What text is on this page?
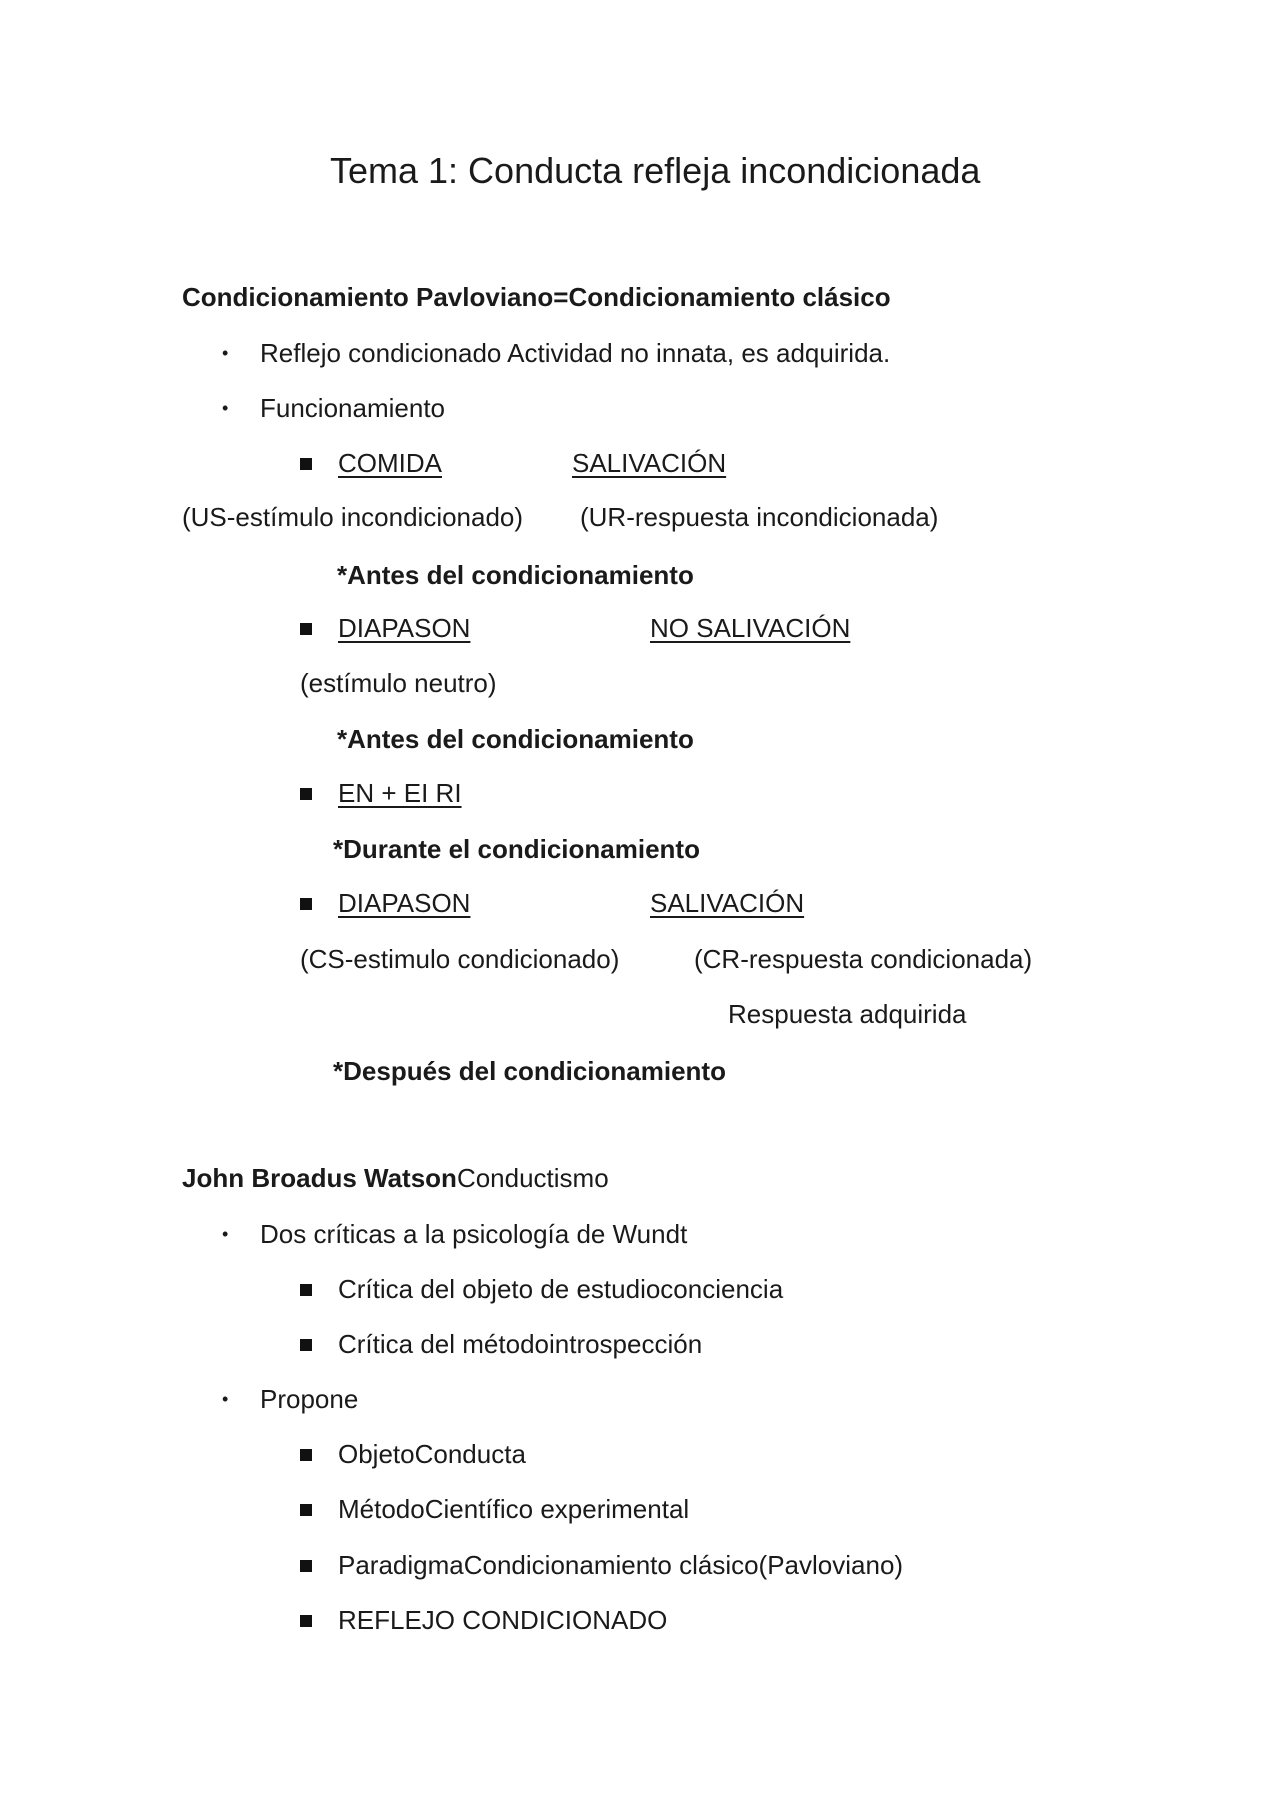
Tema 1: Conducta refleja incondicionada
Condicionamiento Pavloviano=Condicionamiento clásico
• Reflejo condicionado Actividad no innata, es adquirida.
• Funcionamiento
COMIDA	SALIVACIÓN
(US-estímulo incondicionado) (UR-respuesta incondicionada)
*Antes del condicionamiento
DIAPASON	NO SALIVACIÓN
(estímulo neutro)
*Antes del condicionamiento
EN + EI RI
*Durante el condicionamiento
DIAPASON	SALIVACIÓN
(CS-estimulo condicionado)	(CR-respuesta condicionada)
Respuesta adquirida
*Después del condicionamiento
John Broadus WatsonConductismo
• Dos críticas a la psicología de Wundt
Crítica del objeto de estudioconciencia
Crítica del métodointrospección
• Propone
ObjetoConducta
MétodoCientífico experimental
ParadigmaCondicionamiento clásico(Pavloviano)
REFLEJO CONDICIONADO
